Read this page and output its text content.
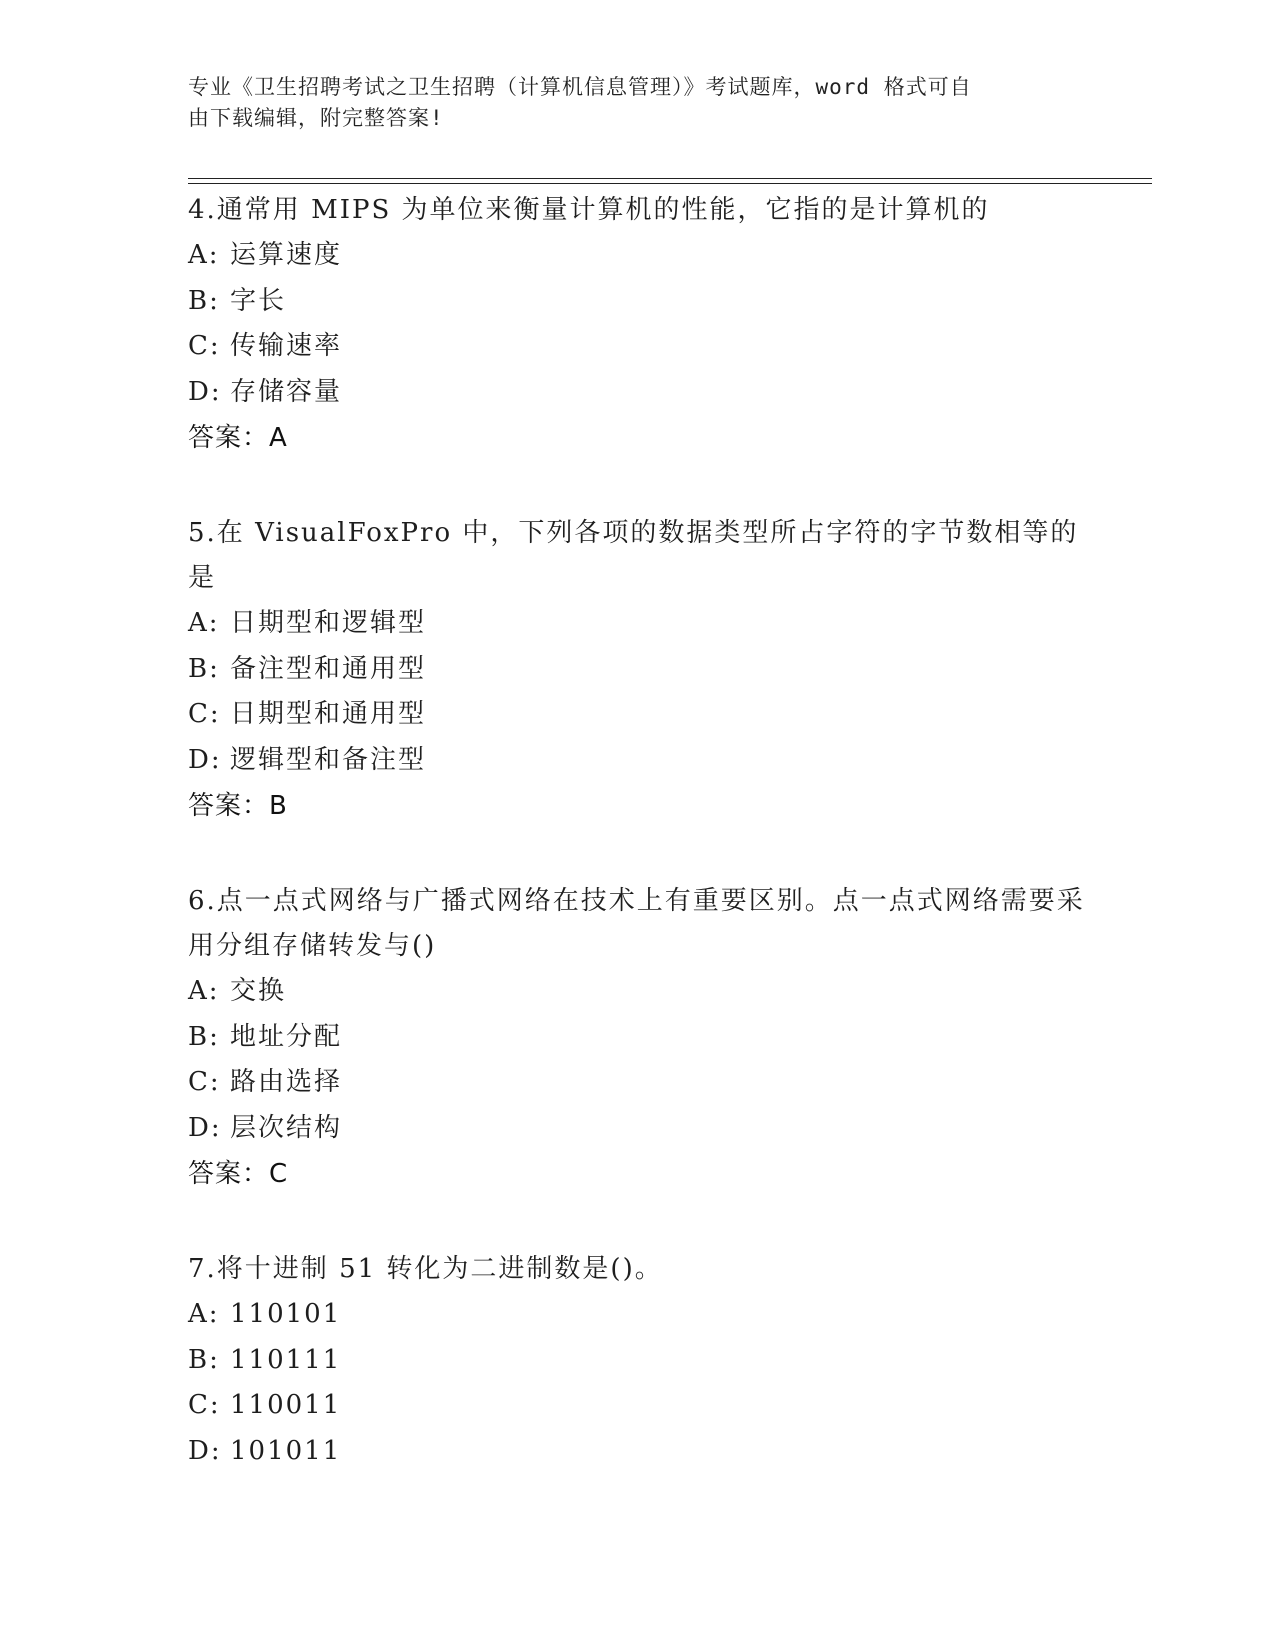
专业《卫生招聘考试之卫生招聘（计算机信息管理）》考试题库，word 格式可自
由下载编辑，附完整答案!

4.通常用 MIPS 为单位来衡量计算机的性能，它指的是计算机的

A: 运算速度
B: 字长
C: 传输速率
D: 存储容量
答案：A

5.在 VisualFoxPro 中，下列各项的数据类型所占字符的字节数相等的是

A: 日期型和逻辑型
B: 备注型和通用型
C: 日期型和通用型
D: 逻辑型和备注型
答案：B

6.点一点式网络与广播式网络在技术上有重要区别。点一点式网络需要采用分组存储转发与()

A: 交换
B: 地址分配
C: 路由选择
D: 层次结构
答案：C

7.将十进制 51 转化为二进制数是()。

A: 110101
B: 110111
C: 110011
D: 101011
